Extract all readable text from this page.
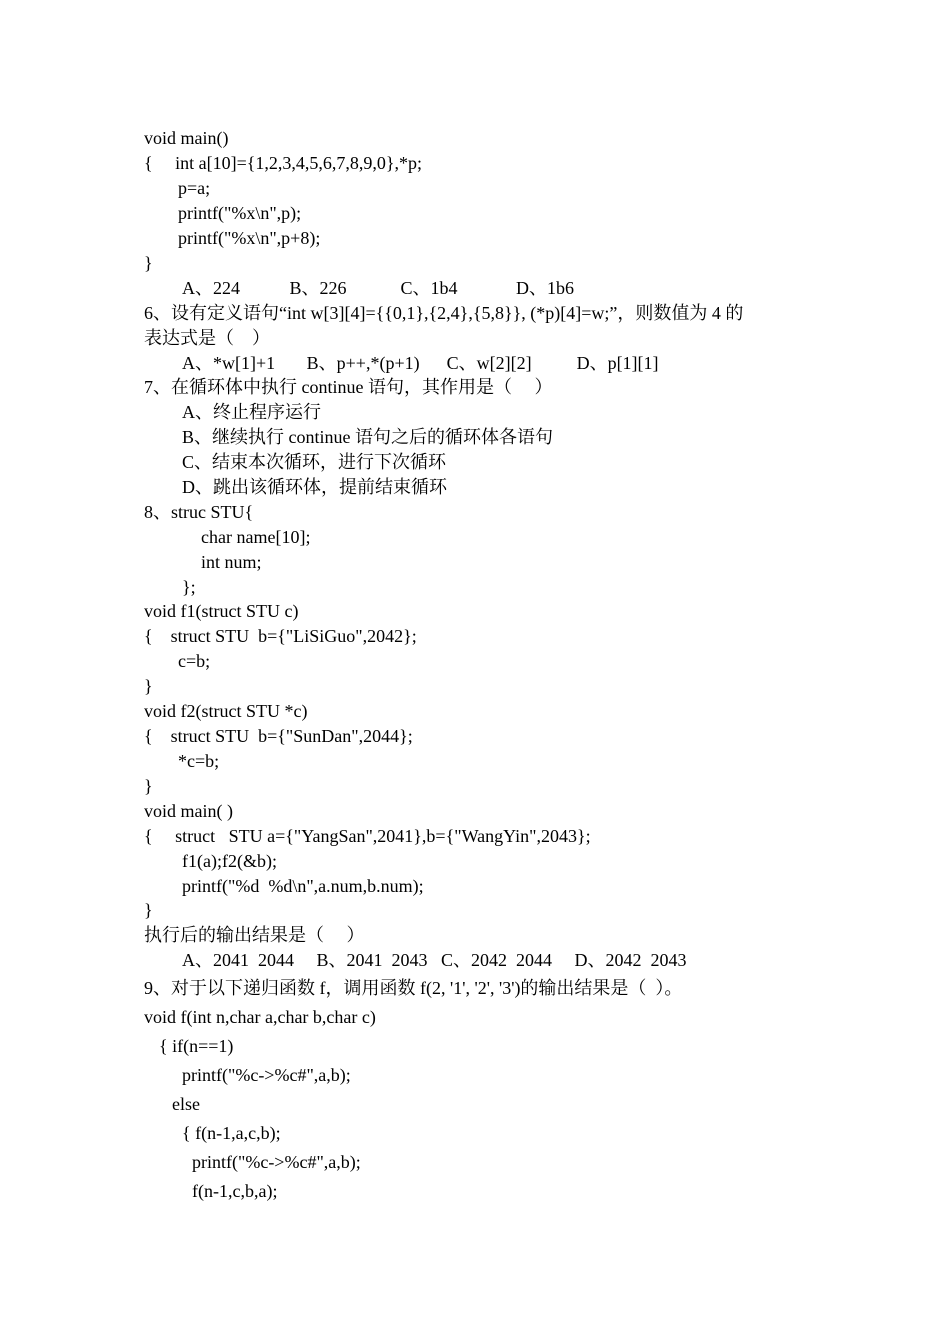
void main()
{     int a[10]={1,2,3,4,5,6,7,8,9,0},*p;
p=a;
printf("%x\n",p);
printf("%x\n",p+8);
}
A、224           B、226            C、1b4             D、1b6
6、设有定义语句“int w[3][4]={{0,1},{2,4},{5,8}}, (*p)[4]=w;”，则数值为 4 的
表达式是（    ）
A、*w[1]+1       B、p++,*(p+1)      C、w[2][2]          D、p[1][1]
7、在循环体中执行 continue 语句，其作用是（     ）
A、终止程序运行
B、继续执行 continue 语句之后的循环体各语句
C、结束本次循环，进行下次循环
D、跳出该循环体，提前结束循环
8、struc STU{
char name[10];
int num;
};
void f1(struct STU c)
{    struct STU  b={"LiSiGuo",2042};
c=b;
}
void f2(struct STU *c)
{    struct STU  b={"SunDan",2044};
*c=b;
}
void main( )
{     struct   STU a={"YangSan",2041},b={"WangYin",2043};
f1(a);f2(&b);
printf("%d  %d\n",a.num,b.num);
}
执行后的输出结果是（     ）
A、2041  2044     B、2041  2043   C、2042  2044     D、2042  2043
9、对于以下递归函数 f，调用函数 f(2, '1', '2', '3')的输出结果是（  ）。
void f(int n,char a,char b,char c)
{ if(n==1)
printf("%c->%c#",a,b);
else
{ f(n-1,a,c,b);
printf("%c->%c#",a,b);
f(n-1,c,b,a);
